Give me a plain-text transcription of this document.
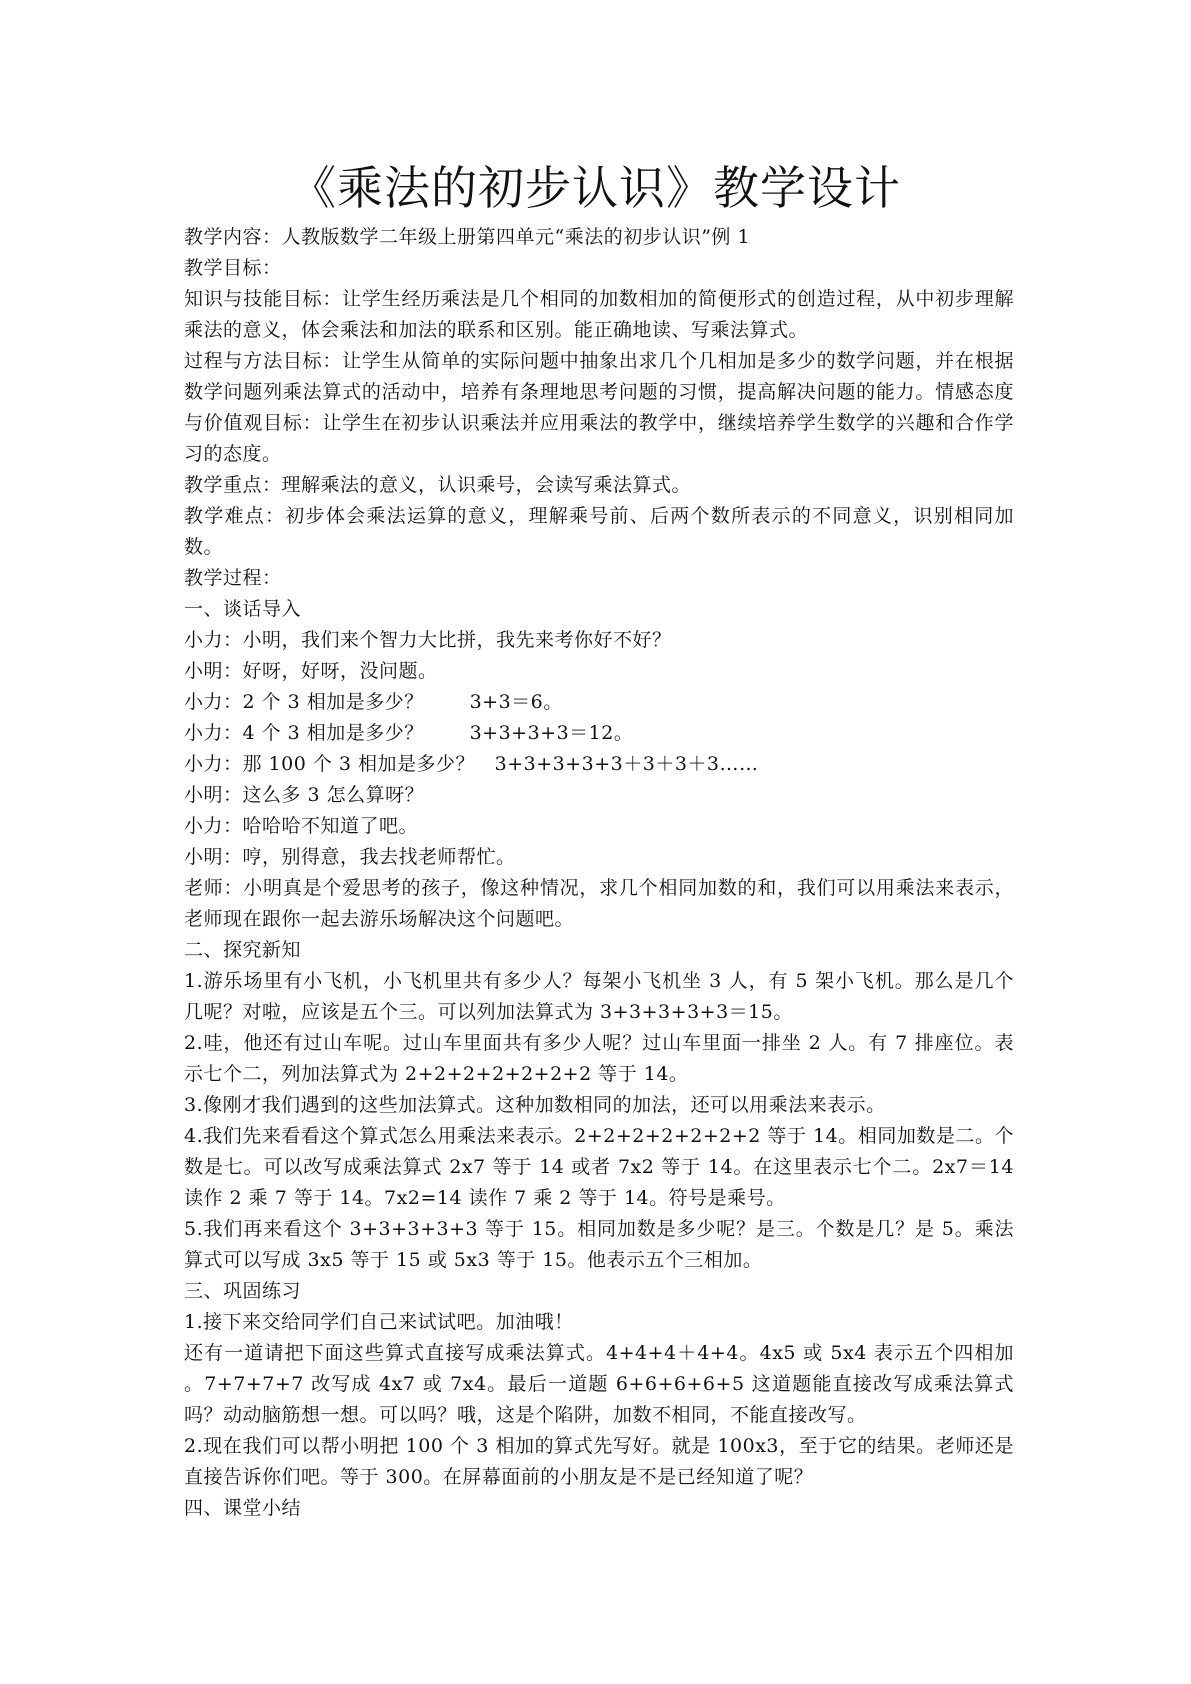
《乘法的初步认识》教学设计

教学内容：人教版数学二年级上册第四单元“乘法的初步认识”例 1

教学目标：

知识与技能目标：让学生经历乘法是几个相同的加数相加的简便形式的创造过程，从中初步理解乘法的意义，体会乘法和加法的联系和区别。能正确地读、写乘法算式。

过程与方法目标：让学生从简单的实际问题中抽象出求几个几相加是多少的数学问题，并在根据数学问题列乘法算式的活动中，培养有条理地思考问题的习惯，提高解决问题的能力。情感态度与价值观目标：让学生在初步认识乘法并应用乘法的教学中，继续培养学生数学的兴趣和合作学习的态度。

教学重点：理解乘法的意义，认识乘号，会读写乘法算式。

教学难点：初步体会乘法运算的意义，理解乘号前、后两个数所表示的不同意义，识别相同加数。

教学过程：

一、谈话导入

小力：小明，我们来个智力大比拼，我先来考你好不好？

小明：好呀，好呀，没问题。

小力：2 个 3 相加是多少？       3+3＝6。

小力：4 个 3 相加是多少？       3+3+3+3＝12。

小力：那 100 个 3 相加是多少？   3+3+3+3+3＋3＋3＋3……

小明：这么多 3 怎么算呀？

小力：哈哈哈不知道了吧。

小明：哼，别得意，我去找老师帮忙。

老师：小明真是个爱思考的孩子，像这种情况，求几个相同加数的和，我们可以用乘法来表示，老师现在跟你一起去游乐场解决这个问题吧。

二、探究新知

1.游乐场里有小飞机，小飞机里共有多少人？每架小飞机坐 3 人，有 5 架小飞机。那么是几个几呢？对啦，应该是五个三。可以列加法算式为 3+3+3+3+3＝15。

2.哇，他还有过山车呢。过山车里面共有多少人呢？过山车里面一排坐 2 人。有 7 排座位。表示七个二，列加法算式为 2+2+2+2+2+2+2 等于 14。

3.像刚才我们遇到的这些加法算式。这种加数相同的加法，还可以用乘法来表示。

4.我们先来看看这个算式怎么用乘法来表示。2+2+2+2+2+2+2 等于 14。相同加数是二。个数是七。可以改写成乘法算式 2x7 等于 14 或者 7x2 等于 14。在这里表示七个二。2x7＝14 读作 2 乘 7 等于 14。7x2=14 读作 7 乘 2 等于 14。符号是乘号。

5.我们再来看这个 3+3+3+3+3 等于 15。相同加数是多少呢？是三。个数是几？是 5。乘法算式可以写成 3x5 等于 15 或 5x3 等于 15。他表示五个三相加。

三、巩固练习

1.接下来交给同学们自己来试试吧。加油哦！

还有一道请把下面这些算式直接写成乘法算式。4+4+4＋4+4。4x5 或 5x4 表示五个四相加 。7+7+7+7 改写成 4x7 或 7x4。最后一道题 6+6+6+6+5 这道题能直接改写成乘法算式吗？动动脑筋想一想。可以吗？哦，这是个陷阱，加数不相同，不能直接改写。

2.现在我们可以帮小明把 100 个 3 相加的算式先写好。就是 100x3，至于它的结果。老师还是直接告诉你们吧。等于 300。在屏幕面前的小朋友是不是已经知道了呢？

四、课堂小结
